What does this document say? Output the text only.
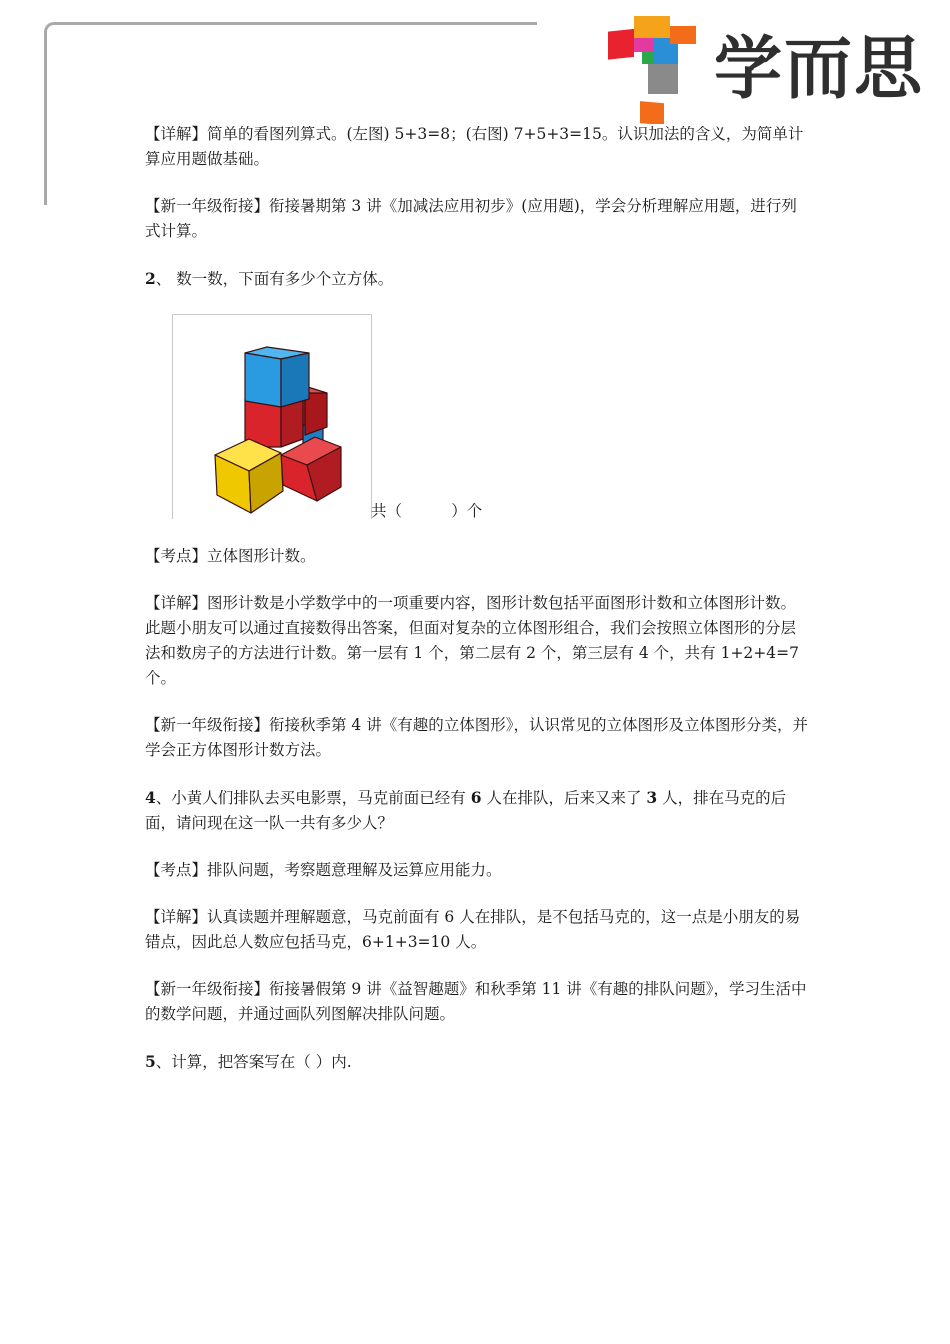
学而思

【详解】简单的看图列算式。(左图) 5+3=8；(右图) 7+5+3=15。认识加法的含义，为简单计算应用题做基础。

【新一年级衔接】衔接暑期第 3 讲《加减法应用初步》(应用题)，学会分析理解应用题，进行列式计算。

2、 数一数，下面有多少个立方体。

共（          ）个

【考点】立体图形计数。

【详解】图形计数是小学数学中的一项重要内容，图形计数包括平面图形计数和立体图形计数。此题小朋友可以通过直接数得出答案，但面对复杂的立体图形组合，我们会按照立体图形的分层法和数房子的方法进行计数。第一层有 1 个，第二层有 2 个，第三层有 4 个，共有 1+2+4=7 个。

【新一年级衔接】衔接秋季第 4 讲《有趣的立体图形》，认识常见的立体图形及立体图形分类，并学会正方体图形计数方法。

4、小黄人们排队去买电影票，马克前面已经有 6 人在排队，后来又来了 3 人，排在马克的后面，请问现在这一队一共有多少人？

【考点】排队问题，考察题意理解及运算应用能力。

【详解】认真读题并理解题意，马克前面有 6 人在排队，是不包括马克的，这一点是小朋友的易错点，因此总人数应包括马克，6+1+3=10 人。

【新一年级衔接】衔接暑假第 9 讲《益智趣题》和秋季第 11 讲《有趣的排队问题》，学习生活中的数学问题，并通过画队列图解决排队问题。

5、计算，把答案写在（ ）内.
